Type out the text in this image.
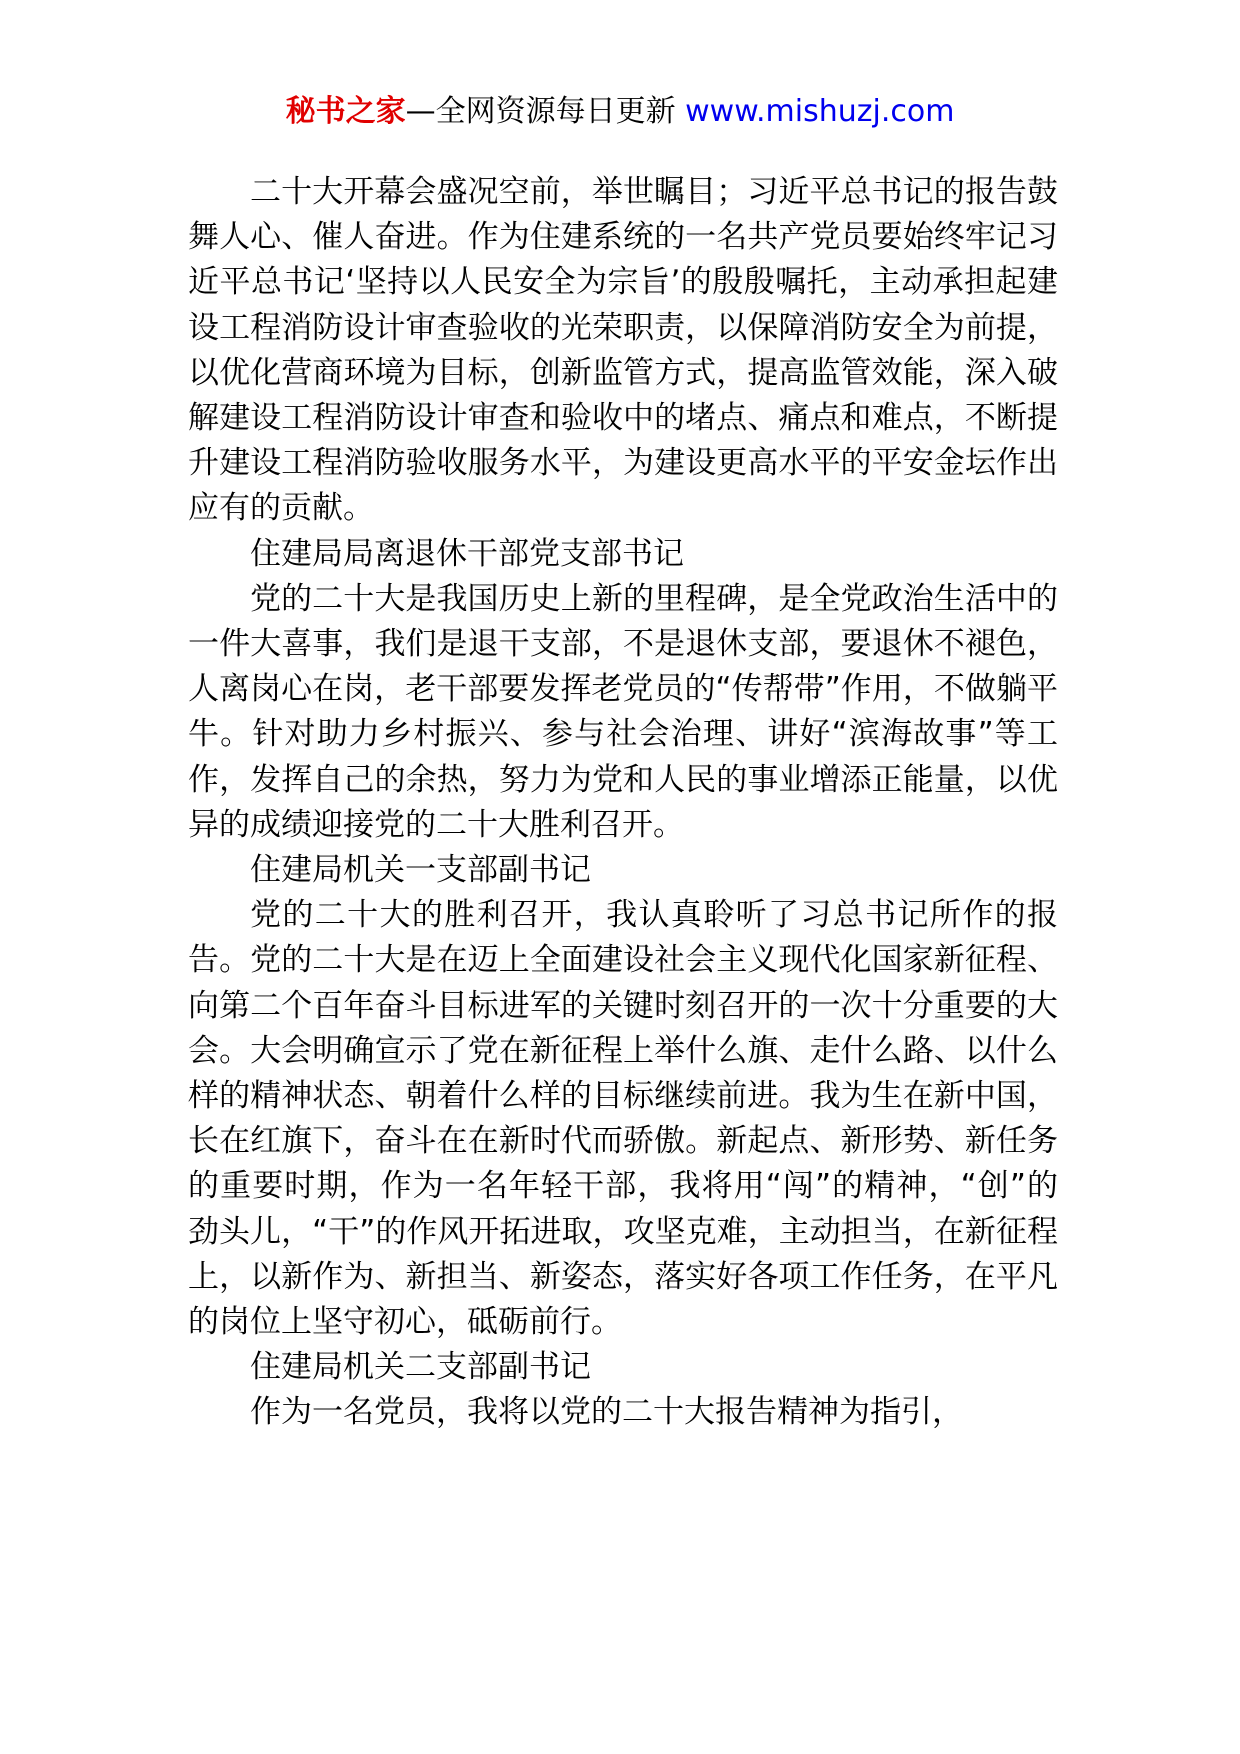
秘书之家—全网资源每日更新 www.mishuzj.com

二十大开幕会盛况空前，举世瞩目；习近平总书记的报告鼓舞人心、催人奋进。作为住建系统的一名共产党员要始终牢记习近平总书记‘坚持以人民安全为宗旨’的殷殷嘱托，主动承担起建设工程消防设计审查验收的光荣职责，以保障消防安全为前提，以优化营商环境为目标，创新监管方式，提高监管效能，深入破解建设工程消防设计审查和验收中的堵点、痛点和难点，不断提升建设工程消防验收服务水平，为建设更高水平的平安金坛作出应有的贡献。

住建局局离退休干部党支部书记

党的二十大是我国历史上新的里程碑，是全党政治生活中的一件大喜事，我们是退干支部，不是退休支部，要退休不褪色，人离岗心在岗，老干部要发挥老党员的“传帮带”作用，不做躺平牛。针对助力乡村振兴、参与社会治理、讲好“滨海故事”等工作，发挥自己的余热，努力为党和人民的事业增添正能量，以优异的成绩迎接党的二十大胜利召开。

住建局机关一支部副书记

党的二十大的胜利召开，我认真聆听了习总书记所作的报告。党的二十大是在迈上全面建设社会主义现代化国家新征程、向第二个百年奋斗目标进军的关键时刻召开的一次十分重要的大会。大会明确宣示了党在新征程上举什么旗、走什么路、以什么样的精神状态、朝着什么样的目标继续前进。我为生在新中国，长在红旗下，奋斗在在新时代而骄傲。新起点、新形势、新任务的重要时期，作为一名年轻干部，我将用“闯”的精神，“创”的劲头儿，“干”的作风开拓进取，攻坚克难，主动担当，在新征程上，以新作为、新担当、新姿态，落实好各项工作任务，在平凡的岗位上坚守初心，砥砺前行。

住建局机关二支部副书记

作为一名党员，我将以党的二十大报告精神为指引，
